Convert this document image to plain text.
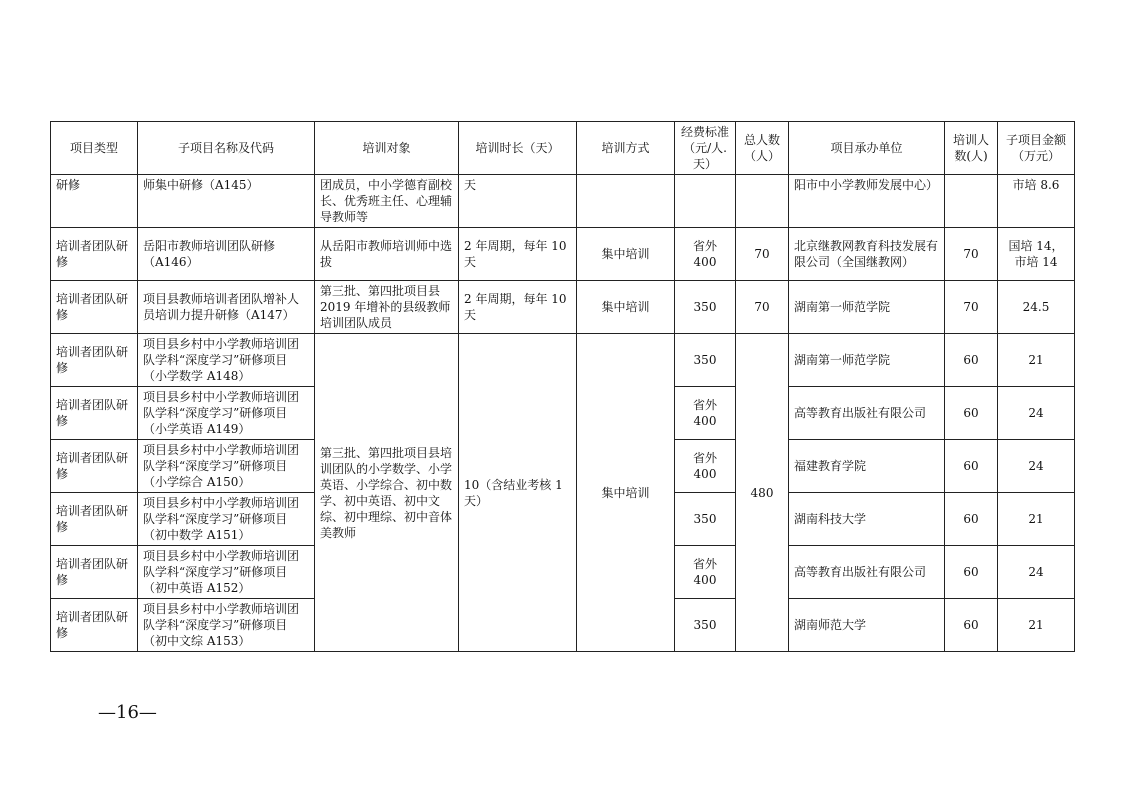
项目类型	子项目名称及代码	培训对象	培训时长（天）	培训方式	经费标准（元/人.天）	总人数（人）	项目承办单位	培训人数(人)	子项目金额（万元）
研修	师集中研修（A145）	团成员，中小学德育副校长、优秀班主任、心理辅导教师等	天				阳市中小学教师发展中心）		市培 8.6
培训者团队研修	岳阳市教师培训团队研修（A146）	从岳阳市教师培训师中选拔	2 年周期，每年 10 天	集中培训	省外 400	70	北京继教网教育科技发展有限公司（全国继教网）	70	国培 14，市培 14
培训者团队研修	项目县教师培训者团队增补人员培训力提升研修（A147）	第三批、第四批项目县 2019 年增补的县级教师培训团队成员	2 年周期，每年 10 天	集中培训	350	70	湖南第一师范学院	70	24.5
培训者团队研修	项目县乡村中小学教师培训团队学科“深度学习”研修项目（小学数学 A148）	第三批、第四批项目县培训团队的小学数学、小学英语、小学综合、初中数学、初中英语、初中文综、初中理综、初中音体美教师	10（含结业考核 1 天）	集中培训	350	480	湖南第一师范学院	60	21
培训者团队研修	项目县乡村中小学教师培训团队学科“深度学习”研修项目（小学英语 A149）				省外 400		高等教育出版社有限公司	60	24
培训者团队研修	项目县乡村中小学教师培训团队学科“深度学习”研修项目（小学综合 A150）				省外 400		福建教育学院	60	24
培训者团队研修	项目县乡村中小学教师培训团队学科“深度学习”研修项目（初中数学 A151）				350		湖南科技大学	60	21
培训者团队研修	项目县乡村中小学教师培训团队学科“深度学习”研修项目（初中英语 A152）				省外 400		高等教育出版社有限公司	60	24
培训者团队研修	项目县乡村中小学教师培训团队学科“深度学习”研修项目（初中文综 A153）				350		湖南师范大学	60	21
—16—
